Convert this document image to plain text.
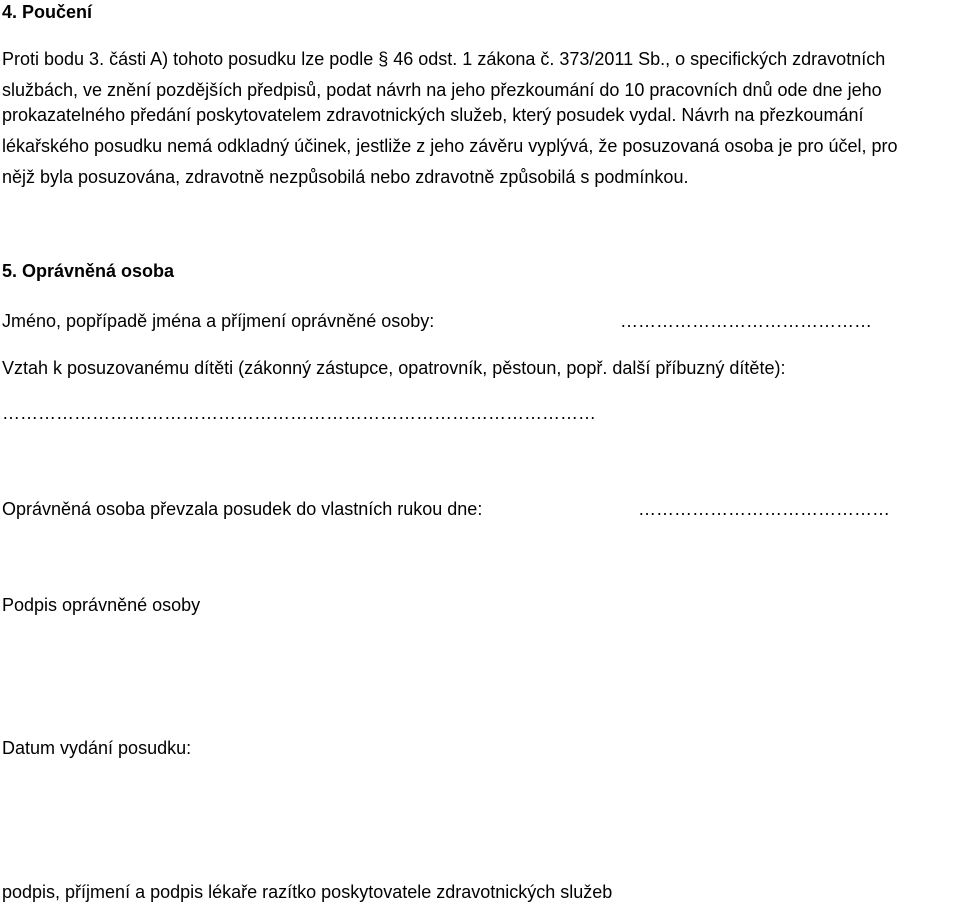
4. Poučení
Proti bodu 3. části A) tohoto posudku lze podle § 46 odst. 1 zákona č. 373/2011 Sb., o specifických zdravotních
službách, ve znění pozdějších předpisů, podat návrh na jeho přezkoumání do 10 pracovních dnů ode dne jeho
prokazatelného předání poskytovatelem zdravotnických služeb, který posudek vydal. Návrh na přezkoumání
lékařského posudku nemá odkladný účinek, jestliže z jeho závěru vyplývá, že posuzovaná osoba je pro účel, pro
nějž byla posuzována, zdravotně nezpůsobilá nebo zdravotně způsobilá s podmínkou.
5. Oprávněná osoba
Jméno, popřípadě jména a příjmení oprávněné osoby:	……………………………………
Vztah k posuzovanému dítěti (zákonný zástupce, opatrovník, pěstoun, popř. další příbuzný dítěte):
………………………………………………………………………………………
Oprávněná osoba převzala posudek do vlastních rukou dne:	……………………………………
Podpis oprávněné osoby
Datum vydání posudku:
podpis, příjmení a podpis lékaře razítko poskytovatele zdravotnických služeb
